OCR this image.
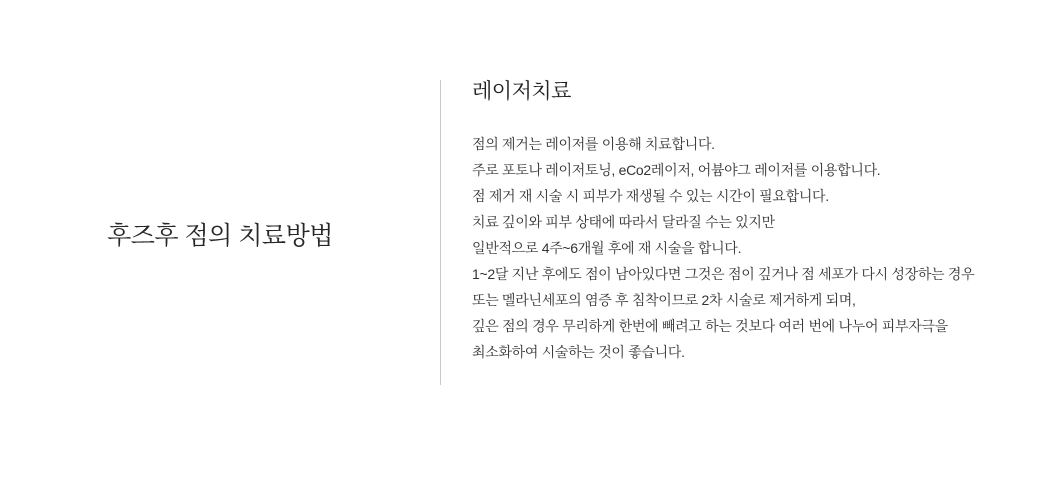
후즈후 점의 치료방법
레이저치료
점의 제거는 레이저를 이용해 치료합니다.
주로 포토나 레이저토닝, eCo2레이저, 어븀야그 레이저를 이용합니다.
점 제거 재 시술 시 피부가 재생될 수 있는 시간이 필요합니다.
치료 깊이와 피부 상태에 따라서 달라질 수는 있지만
일반적으로 4주~6개월 후에 재 시술을 합니다.
1~2달 지난 후에도 점이 남아있다면 그것은 점이 깊거나 점 세포가 다시 성장하는 경우
또는 멜라닌세포의 염증 후 침착이므로 2차 시술로 제거하게 되며,
깊은 점의 경우 무리하게 한번에 빼려고 하는 것보다 여러 번에 나누어 피부자극을
최소화하여 시술하는 것이 좋습니다.
